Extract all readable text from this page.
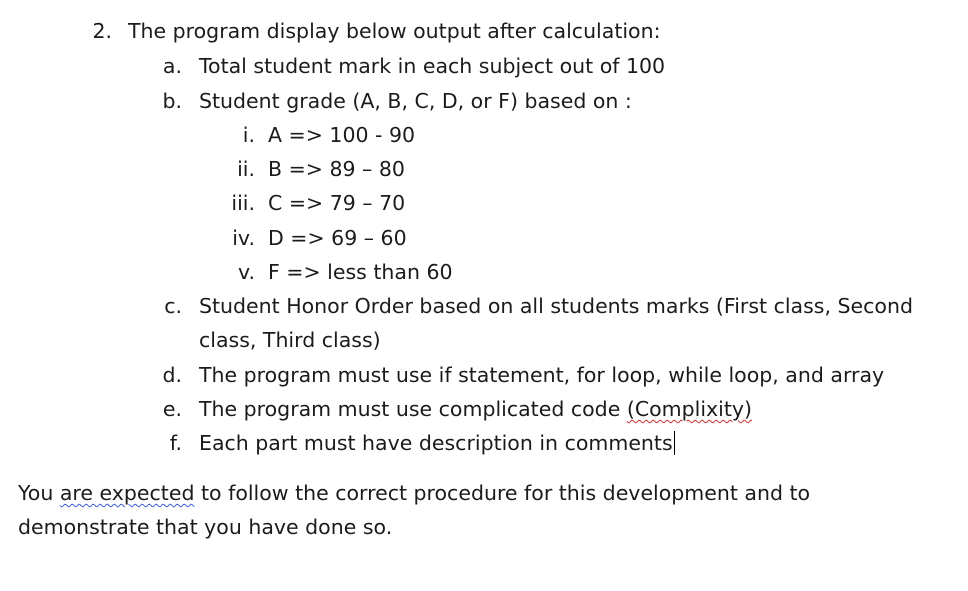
2. The program display below output after calculation:
a. Total student mark in each subject out of 100
b. Student grade (A, B, C, D, or F) based on :
i. A => 100 - 90
ii. B => 89 – 80
iii. C => 79 – 70
iv. D => 69 – 60
v. F => less than 60
c. Student Honor Order based on all students marks (First class, Second
class, Third class)
d. The program must use if statement, for loop, while loop, and array
e. The program must use complicated code (Complixity)
f. Each part must have description in comments
You are expected to follow the correct procedure for this development and to
demonstrate that you have done so.
